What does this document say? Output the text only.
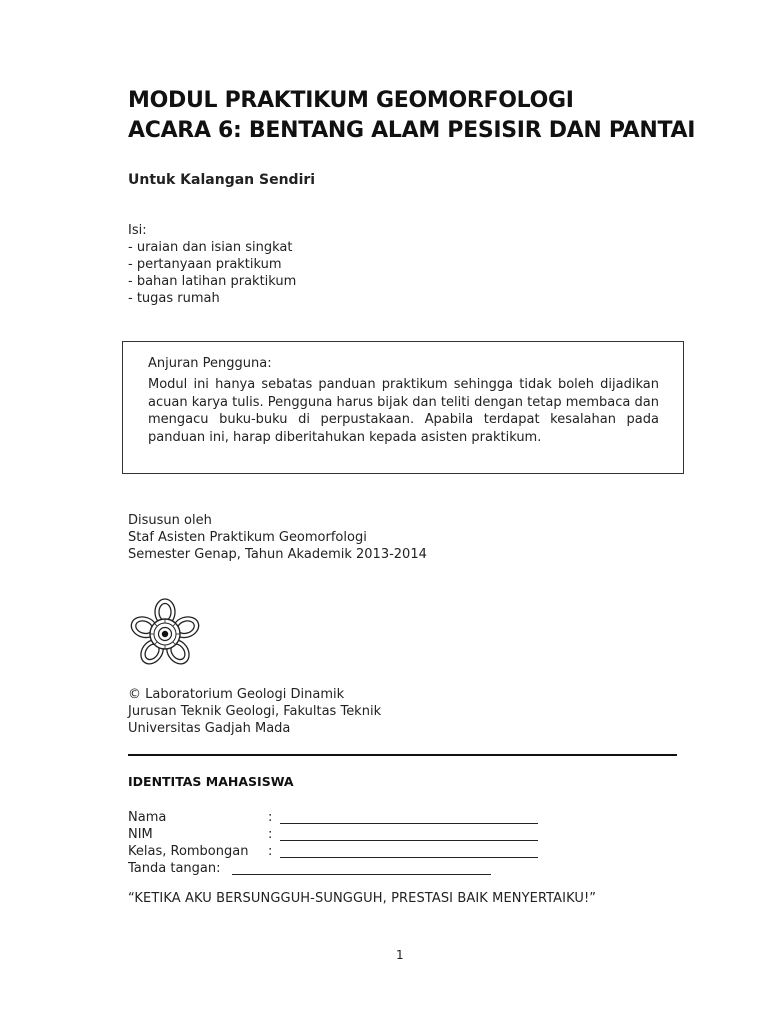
MODUL PRAKTIKUM GEOMORFOLOGI
ACARA 6: BENTANG ALAM PESISIR DAN PANTAI
Untuk Kalangan Sendiri
Isi:
- uraian dan isian singkat
- pertanyaan praktikum
- bahan latihan praktikum
- tugas rumah
Anjuran Pengguna:
Modul ini hanya sebatas panduan praktikum sehingga tidak boleh dijadikan acuan karya tulis. Pengguna harus bijak dan teliti dengan tetap membaca dan mengacu buku-buku di perpustakaan. Apabila terdapat kesalahan pada panduan ini, harap diberitahukan kepada asisten praktikum.
Disusun oleh
Staf Asisten Praktikum Geomorfologi
Semester Genap, Tahun Akademik 2013-2014
© Laboratorium Geologi Dinamik
Jurusan Teknik Geologi, Fakultas Teknik
Universitas Gadjah Mada
IDENTITAS MAHASISWA
Nama	:
NIM	:
Kelas, Rombongan :
Tanda tangan:
“KETIKA AKU BERSUNGGUH-SUNGGUH, PRESTASI BAIK MENYERTAIKU!”
1
